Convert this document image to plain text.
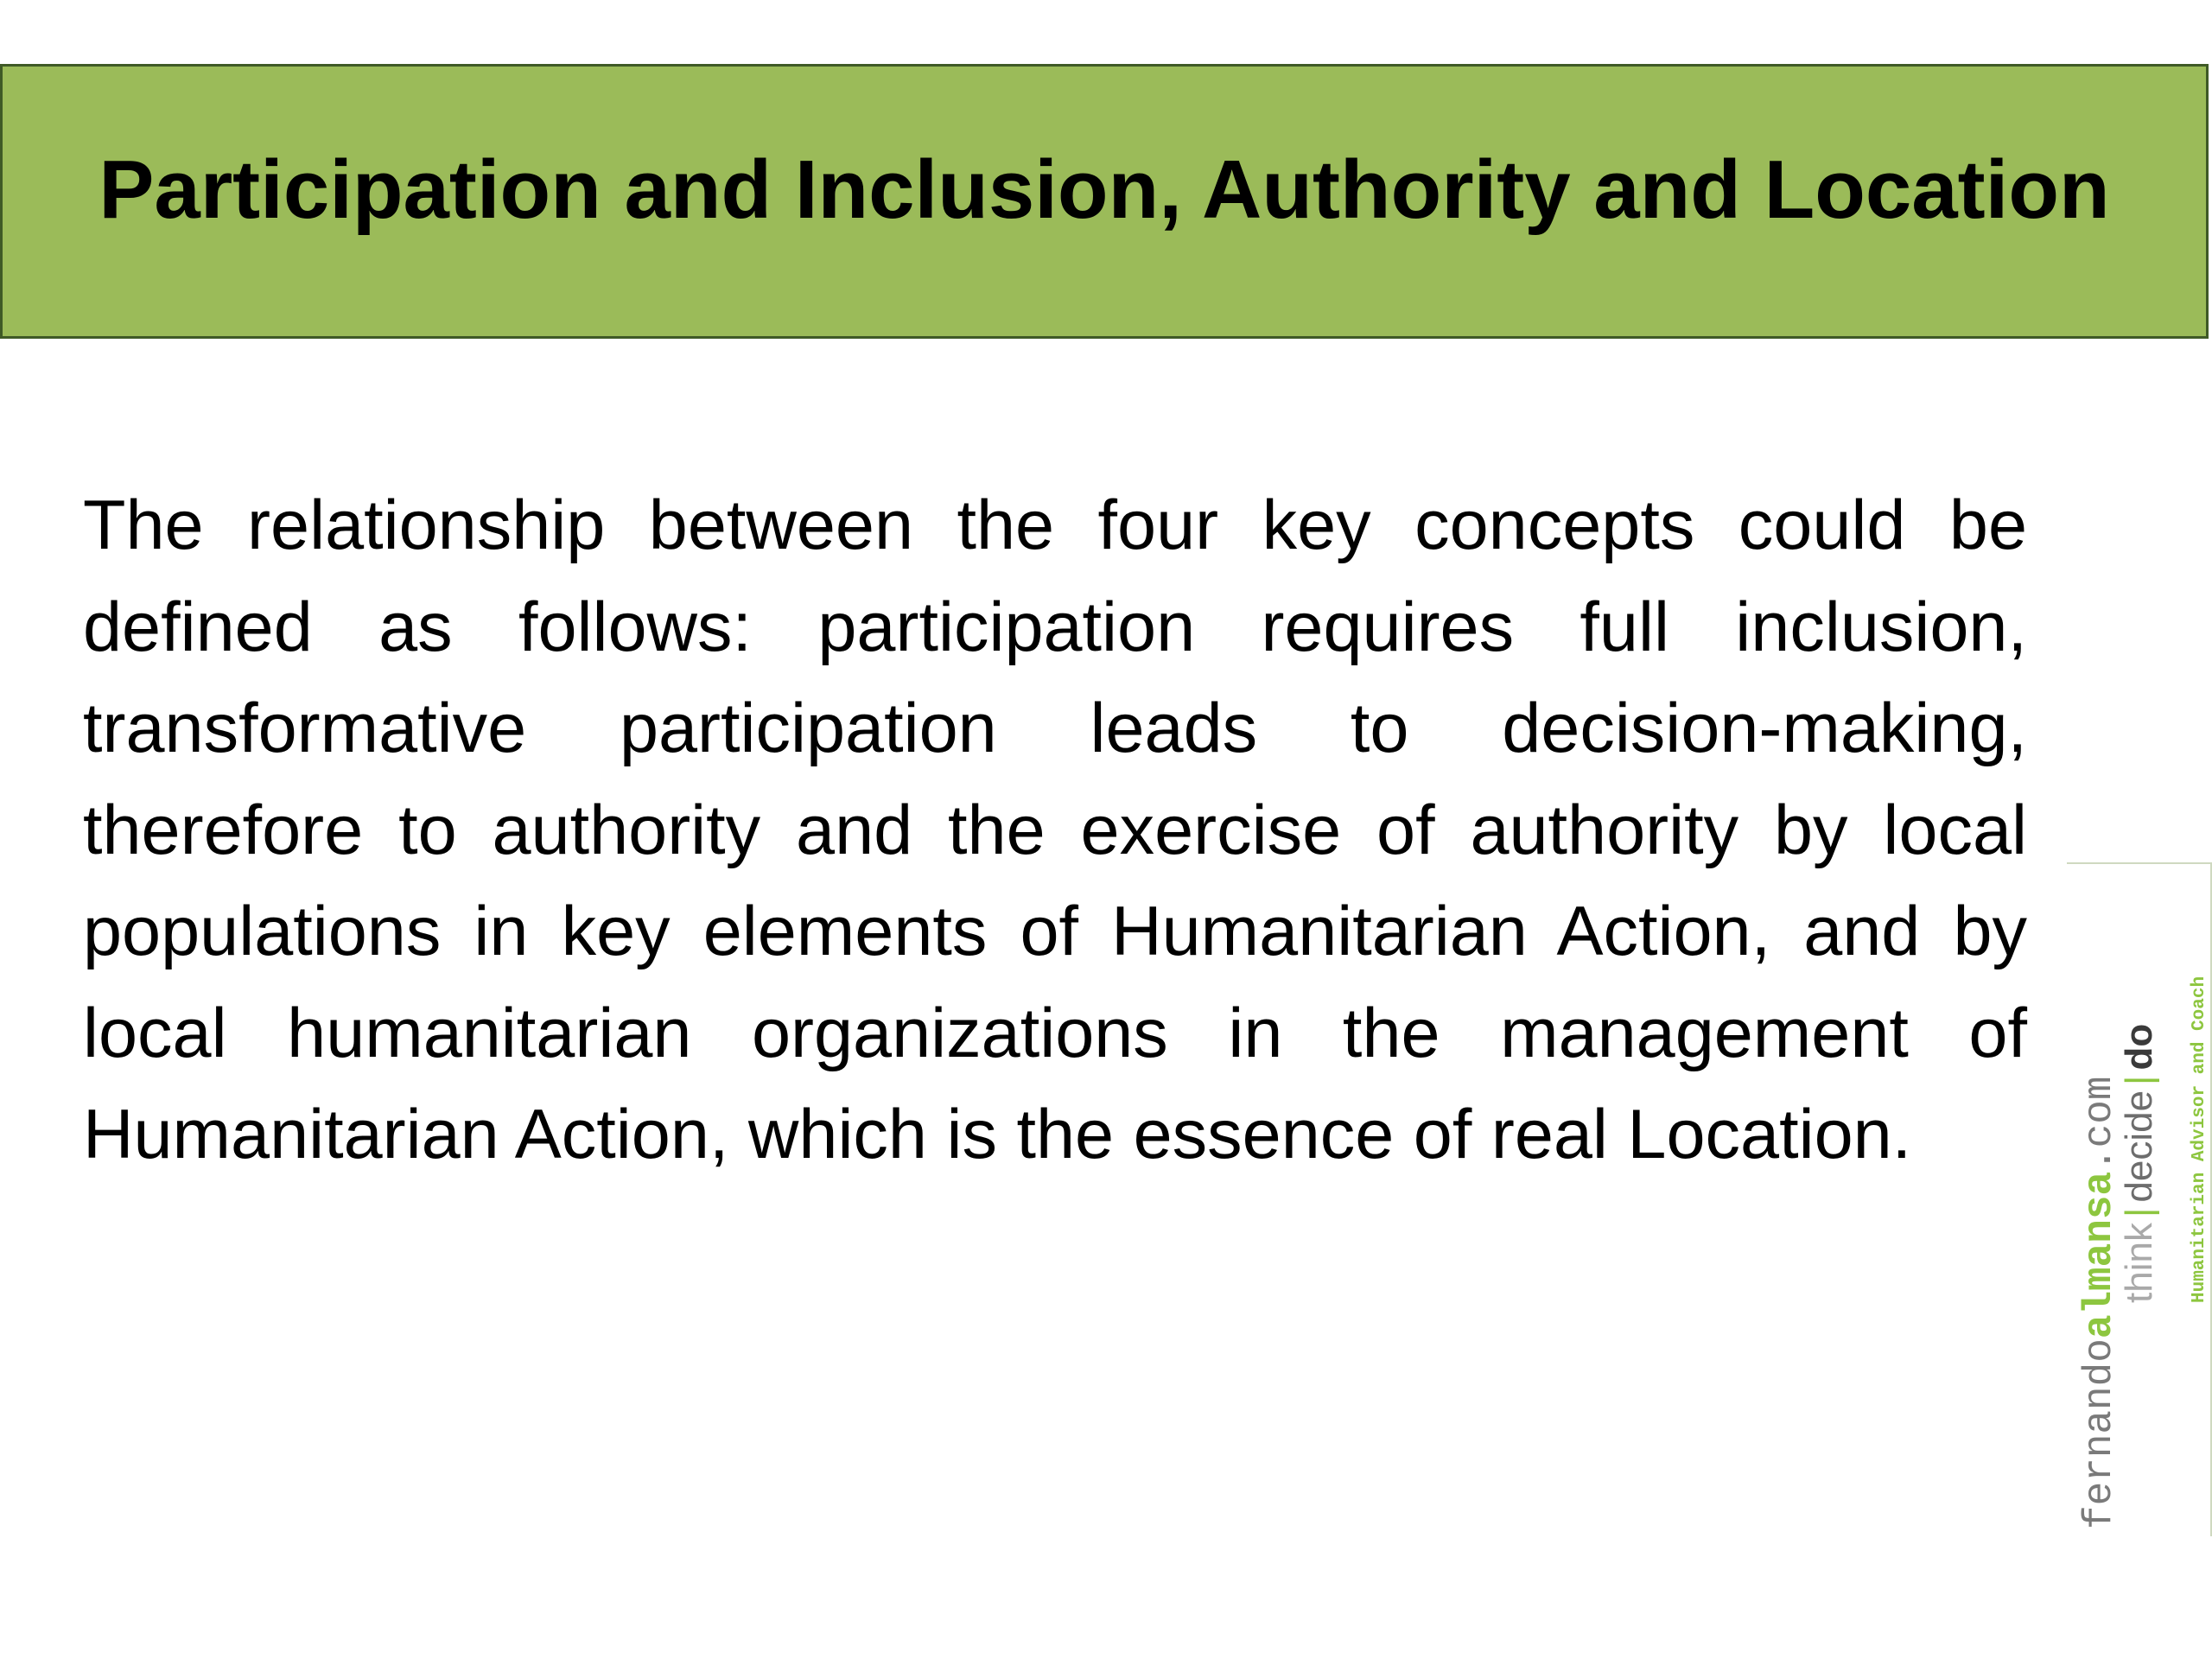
Participation and Inclusion, Authority and Location

The relationship between the four key concepts could be defined as follows: participation requires full inclusion, transformative participation leads to decision-making, therefore to authority and the exercise of authority by local populations in key elements of Humanitarian Action, and by local humanitarian organizations in the management of Humanitarian Action, which is the essence of real Location.

fernandoalmansa.com
think|decide|do Humanitarian Advisor and Coach
